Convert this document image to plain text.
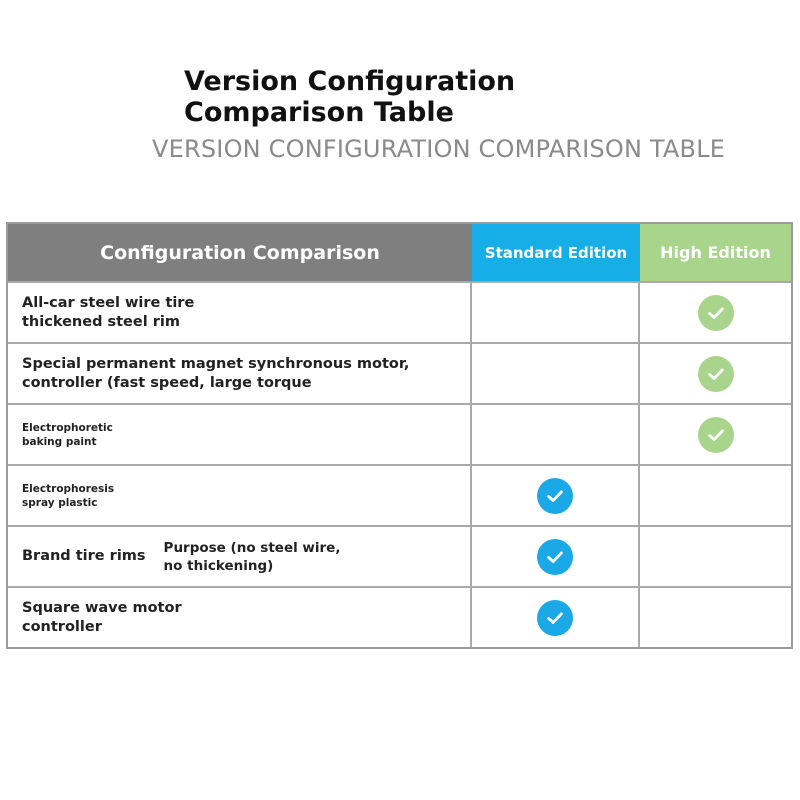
Version Configuration Comparison Table
VERSION CONFIGURATION COMPARISON TABLE
Configuration Comparison	Standard Edition	High Edition
All-car steel wire tire
thickened steel rim
Special permanent magnet synchronous motor,
controller (fast speed, large torque
Electrophoretic
baking paint
Electrophoresis
spray plastic
Brand tire rims
Purpose (no steel wire,
no thickening)
Square wave motor
controller
